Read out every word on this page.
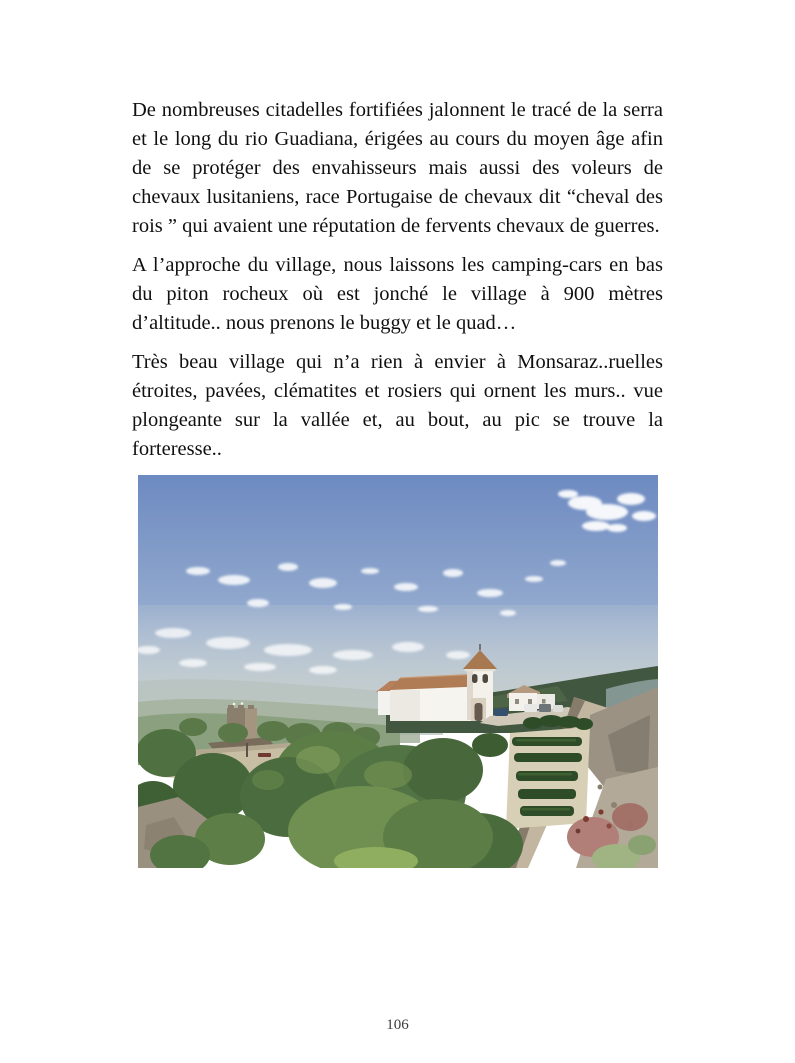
De nombreuses citadelles fortifiées jalonnent le tracé de la serra et le long du rio Guadiana, érigées au cours du moyen âge afin de se protéger des envahisseurs mais aussi des voleurs de chevaux lusitaniens, race Portugaise de chevaux dit “cheval des rois ” qui avaient une réputation de fervents chevaux de guerres.

A l’approche du village, nous laissons les camping-cars en bas du piton rocheux où est jonché le village à 900 mètres d’altitude.. nous prenons le buggy et le quad…

Très beau village qui n’a rien à envier à Monsaraz..ruelles étroites, pavées, clématites et rosiers qui ornent les murs.. vue plongeante sur la vallée et, au bout, au pic se trouve la forteresse..

106
